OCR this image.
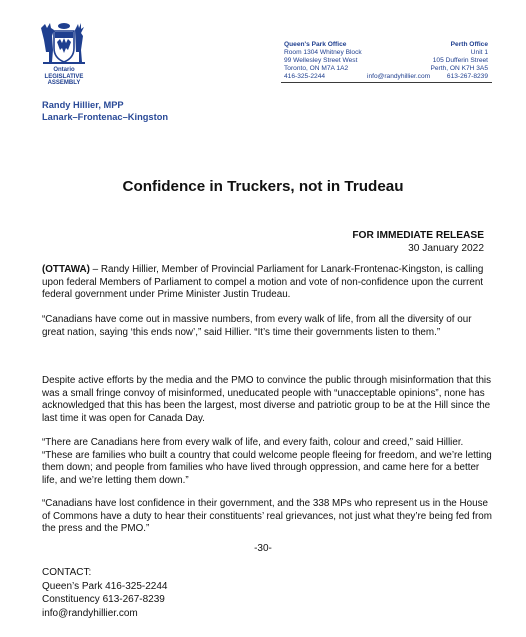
Ontario
LEGISLATIVE
ASSEMBLY
Queen's Park Office
Room 1304 Whitney Block
99 Wellesley Street West
Toronto, ON M7A 1A2
416-325-2244	info@randyhillier.com
Perth Office
Unit 1
105 Dufferin Street
Perth, ON K7H 3A5
613-267-8239
Randy Hillier, MPP
Lanark–Frontenac–Kingston
Confidence in Truckers, not in Trudeau
FOR IMMEDIATE RELEASE
30 January 2022

(OTTAWA) – Randy Hillier, Member of Provincial Parliament for Lanark-Frontenac-Kingston, is calling upon federal Members of Parliament to compel a motion and vote of non-confidence upon the current federal government under Prime Minister Justin Trudeau.

“Canadians have come out in massive numbers, from every walk of life, from all the diversity of our great nation, saying ‘this ends now’,” said Hillier. “It’s time their governments listen to them.”

Despite active efforts by the media and the PMO to convince the public through misinformation that this was a small fringe convoy of misinformed, uneducated people with “unacceptable opinions”, none has acknowledged that this has been the largest, most diverse and patriotic group to be at the Hill since the last time it was open for Canada Day.

“There are Canadians here from every walk of life, and every faith, colour and creed,” said Hillier. “These are families who built a country that could welcome people fleeing for freedom, and we’re letting them down; and people from families who have lived through oppression, and came here for a better life, and we’re letting them down.”

“Canadians have lost confidence in their government, and the 338 MPs who represent us in the House of Commons have a duty to hear their constituents’ real grievances, not just what they’re being fed from the press and the PMO.”

-30-
CONTACT:
Queen’s Park 416-325-2244
Constituency 613-267-8239
info@randyhillier.com
